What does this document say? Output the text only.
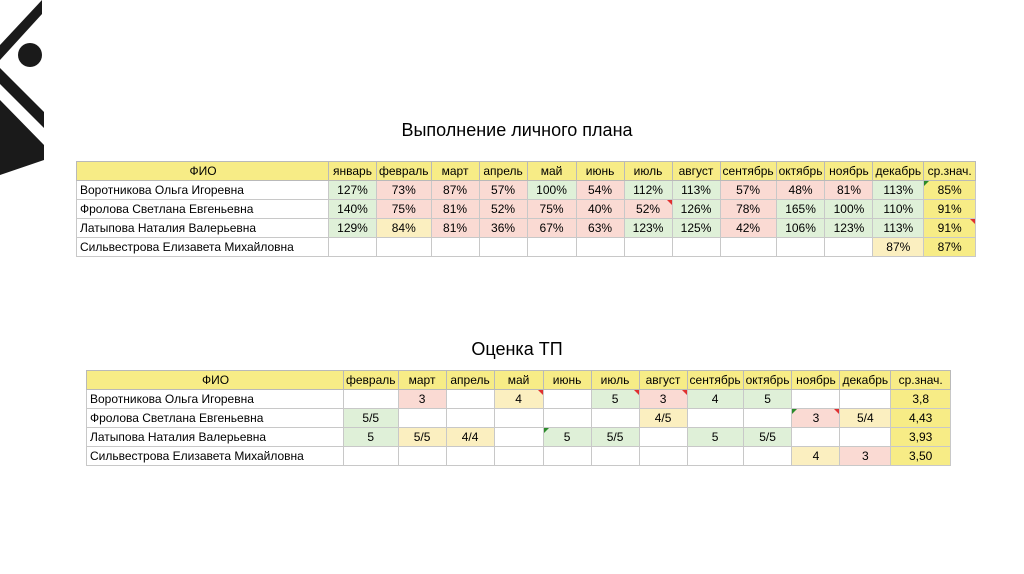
Выполнение личного плана
ФИО	январь	февраль	март	апрель	май	июнь	июль	август	сентябрь	октябрь	ноябрь	декабрь	ср.знач.
Воротникова Ольга Игоревна	127%	73%	87%	57%	100%	54%	112%	113%	57%	48%	81%	113%	85%
Фролова Светлана Евгеньевна	140%	75%	81%	52%	75%	40%	52%	126%	78%	165%	100%	110%	91%
Латыпова Наталия Валерьевна	129%	84%	81%	36%	67%	63%	123%	125%	42%	106%	123%	113%	91%
Сильвестрова Елизавета Михайловна												87%	87%
Оценка ТП
ФИО	февраль	март	апрель	май	июнь	июль	август	сентябрь	октябрь	ноябрь	декабрь	ср.знач.
Воротникова Ольга Игоревна		3		4		5	3	4	5			3,8
Фролова Светлана Евгеньевна	5/5						4/5			3	5/4	4,43
Латыпова Наталия Валерьевна	5	5/5	4/4		5	5/5		5	5/5			3,93
Сильвестрова Елизавета Михайловна										4	3	3,50
